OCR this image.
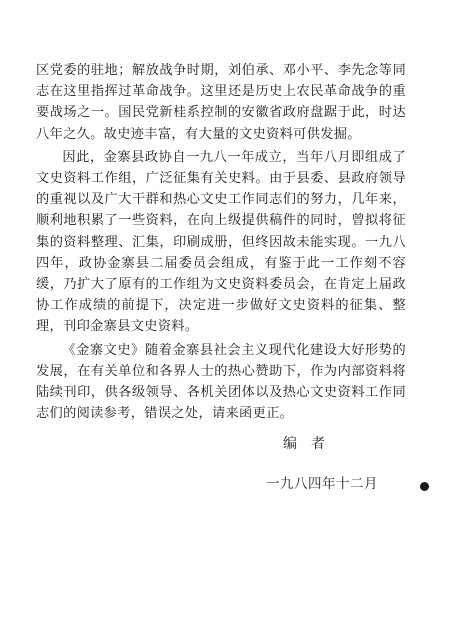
区党委的驻地；解放战争时期，刘伯承、邓小平、李先念等同志在这里指挥过革命战争。这里还是历史上农民革命战争的重要战场之一。国民党新桂系控制的安徽省政府盘踞于此，时达八年之久。故史迹丰富，有大量的文史资料可供发掘。

因此，金寨县政协自一九八一年成立，当年八月即组成了文史资料工作组，广泛征集有关史料。由于县委、县政府领导的重视以及广大干群和热心文史工作同志们的努力，几年来，顺利地积累了一些资料，在向上级提供稿件的同时，曾拟将征集的资料整理、汇集，印刷成册，但终因故未能实现。一九八四年，政协金寨县二届委员会组成，有鉴于此一工作刻不容缓，乃扩大了原有的工作组为文史资料委员会，在肯定上届政协工作成绩的前提下，决定进一步做好文史资料的征集、整理，刊印金寨县文史资料。

《金寨文史》随着金寨县社会主义现代化建设大好形势的发展，在有关单位和各界人士的热心赞助下，作为内部资料将陆续刊印，供各级领导、各机关团体以及热心文史资料工作同志们的阅读参考，错误之处，请来函更正。

编者
一九八四年十二月
